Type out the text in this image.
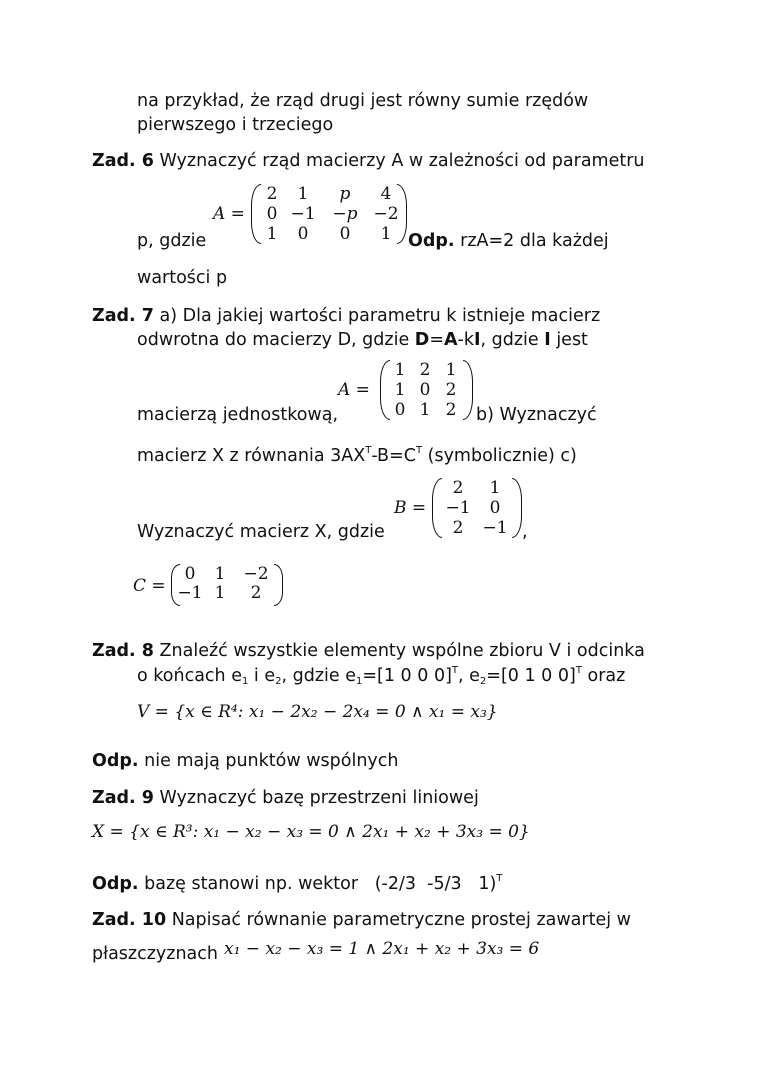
na przykład, że rząd drugi jest równy sumie rzędów
pierwszego i trzeciego
Zad. 6 Wyznaczyć rząd macierzy A w zależności od parametru
A =
2	1	p	4
0 −1 −p −2
1	0	0	1
p, gdzie	Odp. rzA=2 dla każdej
wartości p
Zad. 7 a) Dla jakiej wartości parametru k istnieje macierz
odwrotna do macierzy D, gdzie D=A-kI, gdzie I jest
A =
1 2 1
1 0 2
0 1 2
macierzą jednostkową,	b) Wyznaczyć
macierz X z równania $3AX^T-B=C^T$ (symbolicznie) c)
B =
2	1
−1	0
2	−1
Wyznaczyć macierz X, gdzie	,
C =
0	1	−2
−1 1	2
Zad. 8 Znaleźć wszystkie elementy wspólne zbioru V i odcinka
o końcach $e_1$ i $e_2$, gdzie $e_1=[1$ 0 0 0]$^T$, $e_2=[0$ 1 0 0]$^T$ oraz
V = {x ∈ R⁴: x₁ − 2x₂ − 2x₄ = 0 ∧ x₁ = x₃}
Odp. nie mają punktów wspólnych
Zad. 9 Wyznaczyć bazę przestrzeni liniowej
X = {x ∈ R³: x₁ − x₂ − x₃ = 0 ∧ 2x₁ + x₂ + 3x₃ = 0}
Odp. bazę stanowi np. wektor   (-2/3  -5/3   1)$^T$
Zad. 10 Napisać równanie parametryczne prostej zawartej w
płaszczyznach x₁ − x₂ − x₃ = 1 ∧ 2x₁ + x₂ + 3x₃ = 6
